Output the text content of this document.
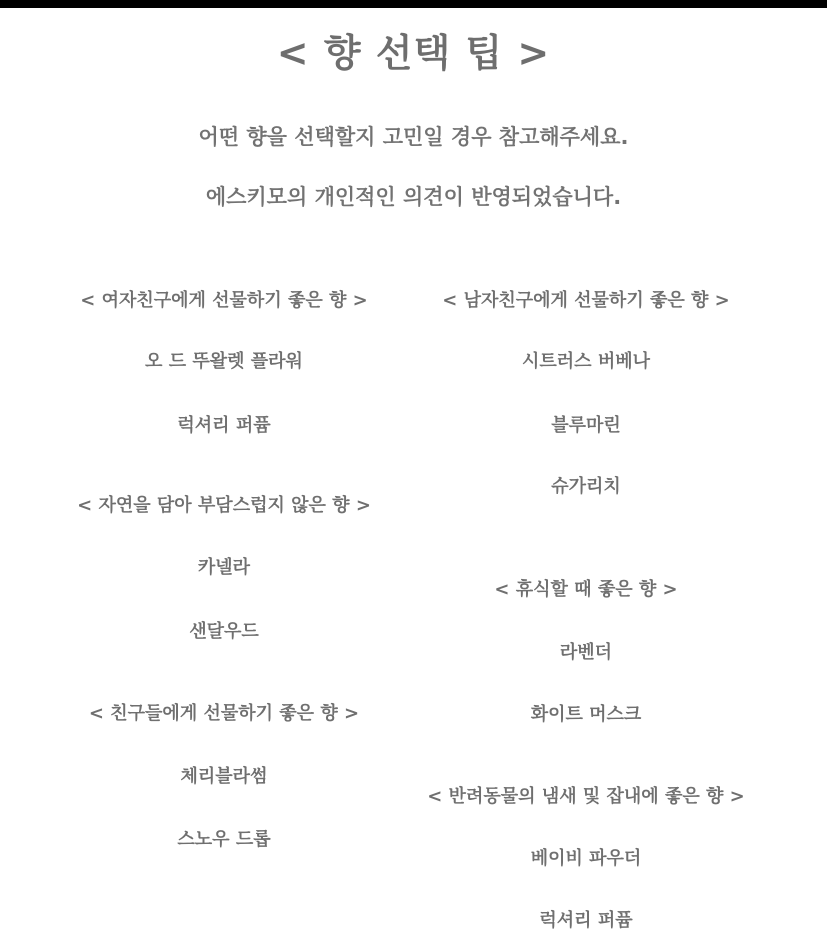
< 향 선택 팁 >
어떤 향을 선택할지 고민일 경우 참고해주세요.
에스키모의 개인적인 의견이 반영되었습니다.
< 여자친구에게 선물하기 좋은 향 >
오 드 뚜왈렛 플라워
럭셔리 퍼퓸
< 자연을 담아 부담스럽지 않은 향 >
카넬라
샌달우드
< 친구들에게 선물하기 좋은 향 >
체리블라썸
스노우 드롭
< 남자친구에게 선물하기 좋은 향 >
시트러스 버베나
블루마린
슈가리치
< 휴식할 때 좋은 향 >
라벤더
화이트 머스크
< 반려동물의 냄새 및 잡내에 좋은 향 >
베이비 파우더
럭셔리 퍼퓸
